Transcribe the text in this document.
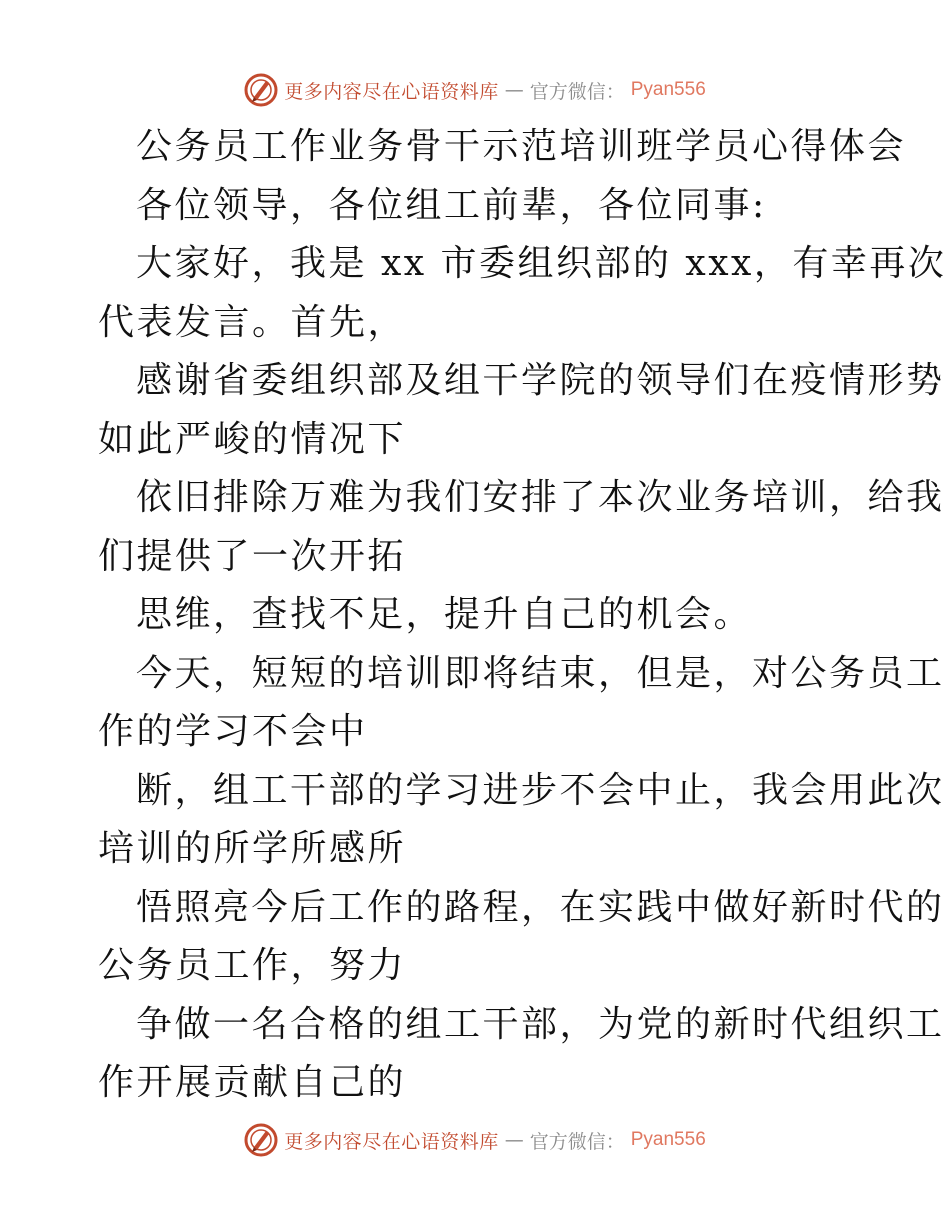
更多内容尽在心语资料库 — 官方微信： Pyan556
公务员工作业务骨干示范培训班学员心得体会
各位领导，各位组工前辈，各位同事:
大家好，我是 xx 市委组织部的 xxx，有幸再次
代表发言。首先，
感谢省委组织部及组干学院的领导们在疫情形势
如此严峻的情况下
依旧排除万难为我们安排了本次业务培训，给我
们提供了一次开拓
思维，查找不足，提升自己的机会。
今天，短短的培训即将结束，但是，对公务员工
作的学习不会中
断，组工干部的学习进步不会中止，我会用此次
培训的所学所感所
悟照亮今后工作的路程，在实践中做好新时代的
公务员工作，努力
争做一名合格的组工干部，为党的新时代组织工
作开展贡献自己的
更多内容尽在心语资料库 — 官方微信： Pyan556
